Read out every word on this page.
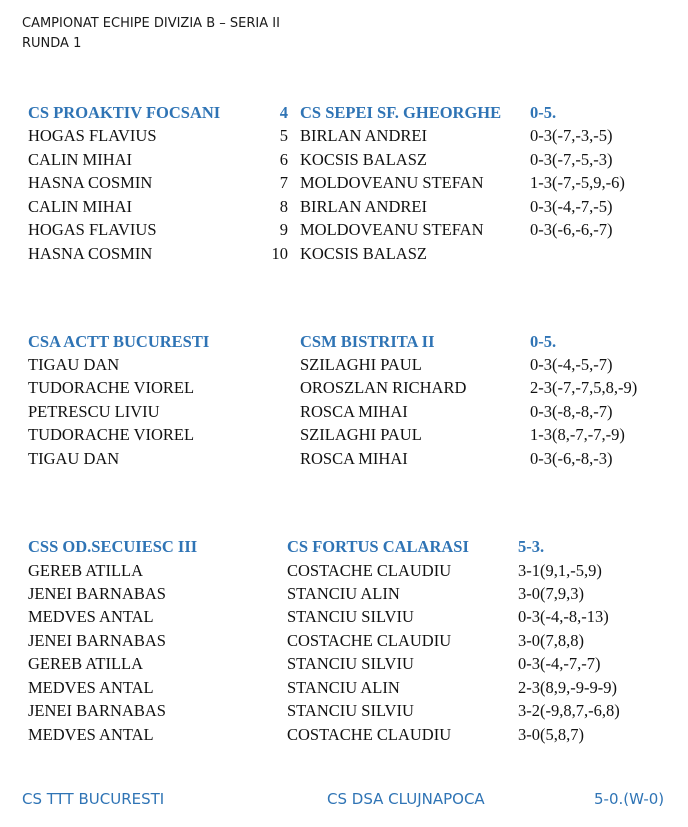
CAMPIONAT ECHIPE DIVIZIA B – SERIA II
RUNDA 1
CS PROAKTIV FOCSANI	4 CS SEPEI SF. GHEORGHE 0-5.
HOGAS FLAVIUS	5 BIRLAN ANDREI	0-3(-7,-3,-5)
CALIN MIHAI	6 KOCSIS BALASZ	0-3(-7,-5,-3)
HASNA COSMIN	7 MOLDOVEANU STEFAN	1-3(-7,-5,9,-6)
CALIN MIHAI	8 BIRLAN ANDREI	0-3(-4,-7,-5)
HOGAS FLAVIUS	9 MOLDOVEANU STEFAN	0-3(-6,-6,-7)
HASNA COSMIN	10 KOCSIS BALASZ
CSA ACTT BUCURESTI	CSM BISTRITA II	0-5.
TIGAU DAN	SZILAGHI PAUL	0-3(-4,-5,-7)
TUDORACHE VIOREL	OROSZLAN RICHARD	2-3(-7,-7,5,8,-9)
PETRESCU LIVIU	ROSCA MIHAI	0-3(-8,-8,-7)
TUDORACHE VIOREL	SZILAGHI PAUL	1-3(8,-7,-7,-9)
TIGAU DAN	ROSCA MIHAI	0-3(-6,-8,-3)
CSS OD.SECUIESC III	CS FORTUS CALARASI	5-3.
GEREB ATILLA	COSTACHE CLAUDIU	3-1(9,1,-5,9)
JENEI BARNABAS	STANCIU ALIN	3-0(7,9,3)
MEDVES ANTAL	STANCIU SILVIU	0-3(-4,-8,-13)
JENEI BARNABAS	COSTACHE CLAUDIU	3-0(7,8,8)
GEREB ATILLA	STANCIU SILVIU	0-3(-4,-7,-7)
MEDVES ANTAL	STANCIU ALIN	2-3(8,9,-9-9-9)
JENEI BARNABAS	STANCIU SILVIU	3-2(-9,8,7,-6,8)
MEDVES ANTAL	COSTACHE CLAUDIU	3-0(5,8,7)
CS TTT BUCURESTI	CS DSA CLUJNAPOCA	5-0.(W-0)
